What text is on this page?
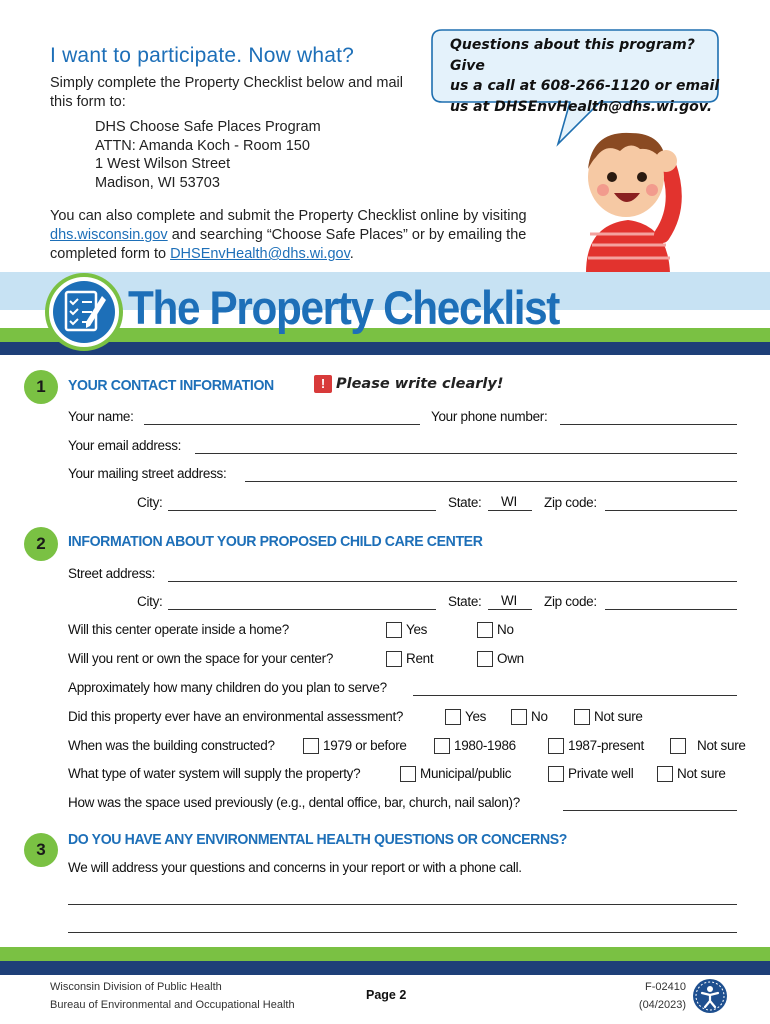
I want to participate. Now what?
Simply complete the Property Checklist below and mail this form to:
DHS Choose Safe Places Program
ATTN: Amanda Koch - Room 150
1 West Wilson Street
Madison, WI 53703
You can also complete and submit the Property Checklist online by visiting dhs.wisconsin.gov and searching “Choose Safe Places” or by emailing the completed form to DHSEnvHealth@dhs.wi.gov.
Questions about this program? Give
us a call at 608-266-1120 or email
us at DHSEnvHealth@dhs.wi.gov.
The Property Checklist
1	YOUR CONTACT INFORMATION	! Please write clearly!
Your name:	Your phone number:
Your email address:
Your mailing street address:
City:	State: WI Zip code:
2	INFORMATION ABOUT YOUR PROPOSED CHILD CARE CENTER
Street address:
City:	State: WI Zip code:
Will this center operate inside a home?	Yes	No
Will you rent or own the space for your center?	Rent	Own
Approximately how many children do you plan to serve?
Did this property ever have an environmental assessment?	Yes	No	Not sure
When was the building constructed?	1979 or before	1980-1986	1987-present	Not sure
What type of water system will supply the property?	Municipal/public	Private well	Not sure
How was the space used previously (e.g., dental office, bar, church, nail salon)?
3
DO YOU HAVE ANY ENVIRONMENTAL HEALTH QUESTIONS OR CONCERNS?
We will address your questions and concerns in your report or with a phone call.
Wisconsin Division of Public Health
Bureau of Environmental and Occupational Health
Page 2
F-02410
(04/2023)
